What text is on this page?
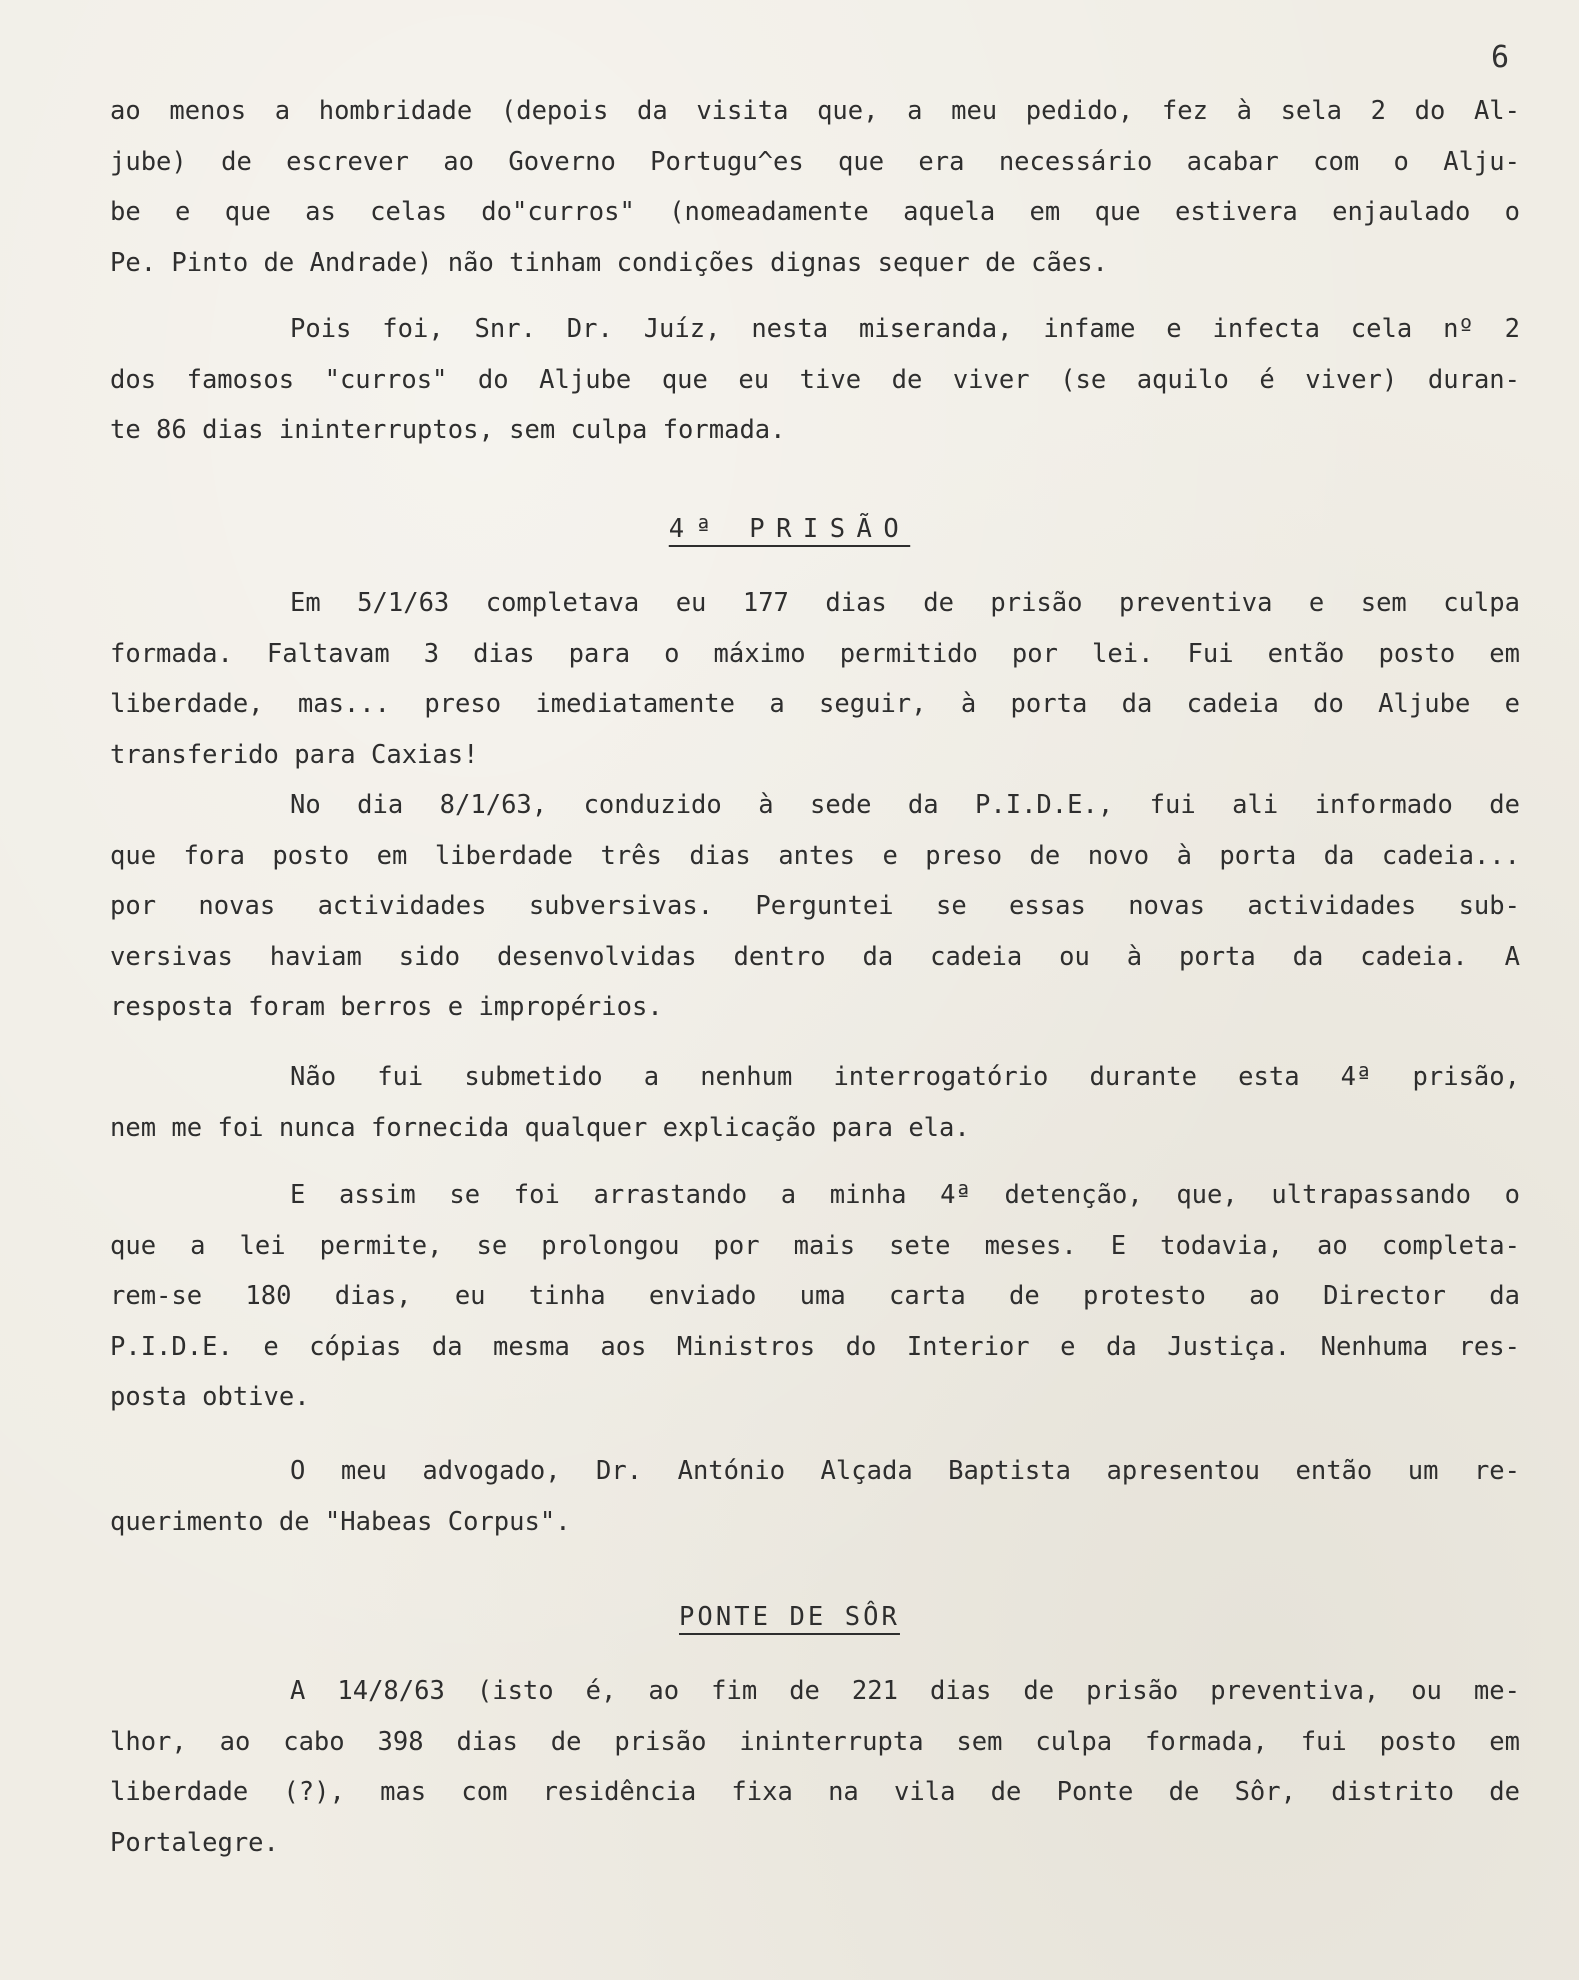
6
ao menos a hombridade (depois da visita que, a meu pedido, fez à sela 2 do Al-
jube) de escrever ao Governo Portugu^es que era necessário acabar com o Alju-
be e que as celas do"curros" (nomeadamente aquela em que estivera enjaulado o
Pe. Pinto de Andrade) não tinham condições dignas sequer de cães.
Pois foi, Snr. Dr. Juíz, nesta miseranda, infame e infecta cela nº 2
dos famosos "curros" do Aljube que eu tive de viver (se aquilo é viver) duran-
te 86 dias ininterruptos, sem culpa formada.
4ª PRISÃO
Em 5/1/63 completava eu 177 dias de prisão preventiva e sem culpa
formada. Faltavam 3 dias para o máximo permitido por lei. Fui então posto em
liberdade, mas... preso imediatamente a seguir, à porta da cadeia do Aljube e
transferido para Caxias!
No dia 8/1/63, conduzido à sede da P.I.D.E., fui ali informado de
que fora posto em liberdade três dias antes e preso de novo à porta da cadeia...
por novas actividades subversivas. Perguntei se essas novas actividades sub-
versivas haviam sido desenvolvidas dentro da cadeia ou à porta da cadeia. A
resposta foram berros e impropérios.
Não fui submetido a nenhum interrogatório durante esta 4ª prisão,
nem me foi nunca fornecida qualquer explicação para ela.
E assim se foi arrastando a minha 4ª detenção, que, ultrapassando o
que a lei permite, se prolongou por mais sete meses. E todavia, ao completa-
rem-se 180 dias, eu tinha enviado uma carta de protesto ao Director da
P.I.D.E. e cópias da mesma aos Ministros do Interior e da Justiça. Nenhuma res-
posta obtive.
O meu advogado, Dr. António Alçada Baptista apresentou então um re-
querimento de "Habeas Corpus".
PONTE DE SÔR
A 14/8/63 (isto é, ao fim de 221 dias de prisão preventiva, ou me-
lhor, ao cabo 398 dias de prisão ininterrupta sem culpa formada, fui posto em
liberdade (?), mas com residência fixa na vila de Ponte de Sôr, distrito de
Portalegre.
